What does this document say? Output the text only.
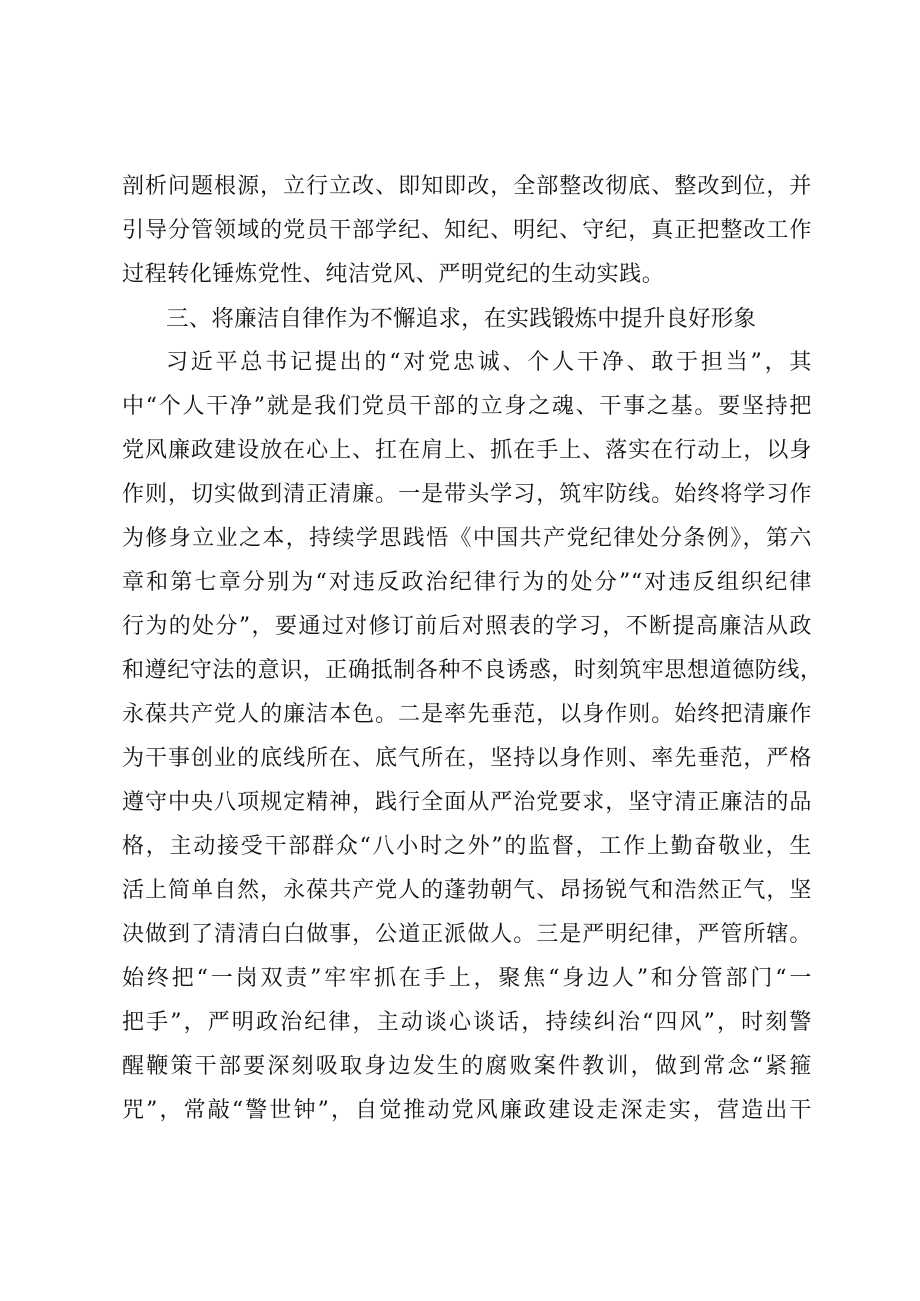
剖析问题根源，立行立改、即知即改，全部整改彻底、整改到位，并
引导分管领域的党员干部学纪、知纪、明纪、守纪，真正把整改工作
过程转化锤炼党性、纯洁党风、严明党纪的生动实践。
三、将廉洁自律作为不懈追求，在实践锻炼中提升良好形象
习近平总书记提出的“对党忠诚、个人干净、敢于担当”，其
中“个人干净”就是我们党员干部的立身之魂、干事之基。要坚持把
党风廉政建设放在心上、扛在肩上、抓在手上、落实在行动上，以身
作则，切实做到清正清廉。一是带头学习，筑牢防线。始终将学习作
为修身立业之本，持续学思践悟《中国共产党纪律处分条例》，第六
章和第七章分别为“对违反政治纪律行为的处分”“对违反组织纪律
行为的处分”，要通过对修订前后对照表的学习，不断提高廉洁从政
和遵纪守法的意识，正确抵制各种不良诱惑，时刻筑牢思想道德防线，
永葆共产党人的廉洁本色。二是率先垂范，以身作则。始终把清廉作
为干事创业的底线所在、底气所在，坚持以身作则、率先垂范，严格
遵守中央八项规定精神，践行全面从严治党要求，坚守清正廉洁的品
格，主动接受干部群众“八小时之外”的监督，工作上勤奋敬业，生
活上简单自然，永葆共产党人的蓬勃朝气、昂扬锐气和浩然正气，坚
决做到了清清白白做事，公道正派做人。三是严明纪律，严管所辖。
始终把“一岗双责”牢牢抓在手上，聚焦“身边人”和分管部门“一
把手”，严明政治纪律，主动谈心谈话，持续纠治“四风”，时刻警
醒鞭策干部要深刻吸取身边发生的腐败案件教训，做到常念“紧箍
咒”，常敲“警世钟”，自觉推动党风廉政建设走深走实，营造出干
